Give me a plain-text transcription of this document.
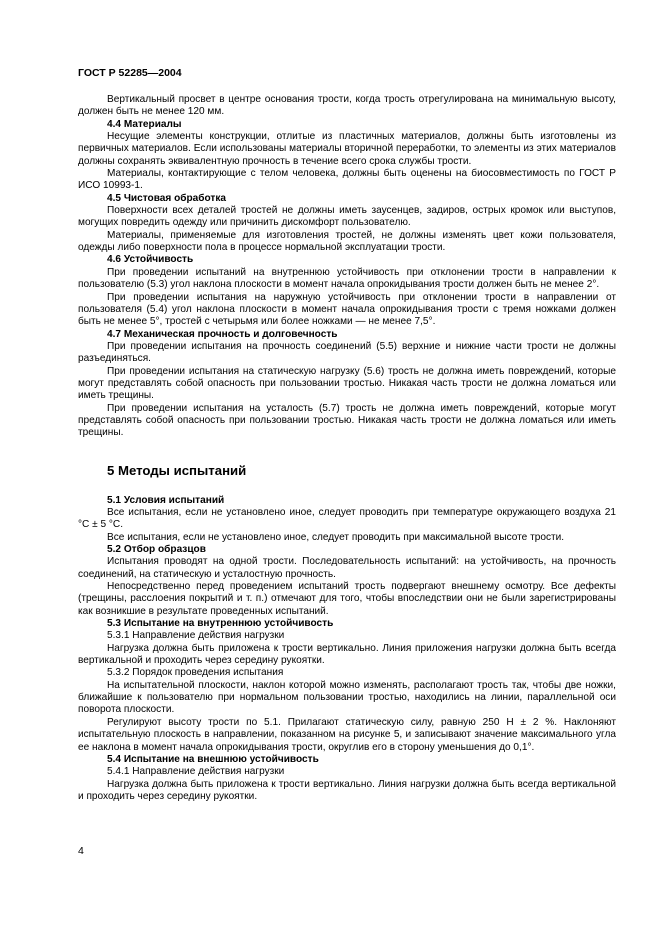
ГОСТ Р 52285—2004

Вертикальный просвет в центре основания трости, когда трость отрегулирована на минимальную высоту, должен быть не менее 120 мм.

4.4 Материалы

Несущие элементы конструкции, отлитые из пластичных материалов, должны быть изготовлены из первичных материалов. Если использованы материалы вторичной переработки, то элементы из этих материалов должны сохранять эквивалентную прочность в течение всего срока службы трости.

Материалы, контактирующие с телом человека, должны быть оценены на биосовместимость по ГОСТ Р ИСО 10993-1.

4.5 Чистовая обработка

Поверхности всех деталей тростей не должны иметь заусенцев, задиров, острых кромок или выступов, могущих повредить одежду или причинить дискомфорт пользователю.

Материалы, применяемые для изготовления тростей, не должны изменять цвет кожи пользователя, одежды либо поверхности пола в процессе нормальной эксплуатации трости.

4.6 Устойчивость

При проведении испытаний на внутреннюю устойчивость при отклонении трости в направлении к пользователю (5.3) угол наклона плоскости в момент начала опрокидывания трости должен быть не менее 2°.

При проведении испытания на наружную устойчивость при отклонении трости в направлении от пользователя (5.4) угол наклона плоскости в момент начала опрокидывания трости с тремя ножками должен быть не менее 5°, тростей с четырьмя или более ножками — не менее 7,5°.

4.7 Механическая прочность и долговечность

При проведении испытания на прочность соединений (5.5) верхние и нижние части трости не должны разъединяться.

При проведении испытания на статическую нагрузку (5.6) трость не должна иметь повреждений, которые могут представлять собой опасность при пользовании тростью. Никакая часть трости не должна ломаться или иметь трещины.

При проведении испытания на усталость (5.7) трость не должна иметь повреждений, которые могут представлять собой опасность при пользовании тростью. Никакая часть трости не должна ломаться или иметь трещины.

5 Методы испытаний

5.1 Условия испытаний

Все испытания, если не установлено иное, следует проводить при температуре окружающего воздуха 21 °С ± 5 °С.

Все испытания, если не установлено иное, следует проводить при максимальной высоте трости.

5.2 Отбор образцов

Испытания проводят на одной трости. Последовательность испытаний: на устойчивость, на прочность соединений, на статическую и усталостную прочность.

Непосредственно перед проведением испытаний трость подвергают внешнему осмотру. Все дефекты (трещины, расслоения покрытий и т. п.) отмечают для того, чтобы впоследствии они не были зарегистрированы как возникшие в результате проведенных испытаний.

5.3 Испытание на внутреннюю устойчивость

5.3.1 Направление действия нагрузки

Нагрузка должна быть приложена к трости вертикально. Линия приложения нагрузки должна быть всегда вертикальной и проходить через середину рукоятки.

5.3.2 Порядок проведения испытания

На испытательной плоскости, наклон которой можно изменять, располагают трость так, чтобы две ножки, ближайшие к пользователю при нормальном пользовании тростью, находились на линии, параллельной оси поворота плоскости.

Регулируют высоту трости по 5.1. Прилагают статическую силу, равную 250 Н ± 2 %. Наклоняют испытательную плоскость в направлении, показанном на рисунке 5, и записывают значение максимального угла ее наклона в момент начала опрокидывания трости, округлив его в сторону уменьшения до 0,1°.

5.4 Испытание на внешнюю устойчивость

5.4.1 Направление действия нагрузки

Нагрузка должна быть приложена к трости вертикально. Линия нагрузки должна быть всегда вертикальной и проходить через середину рукоятки.

4
